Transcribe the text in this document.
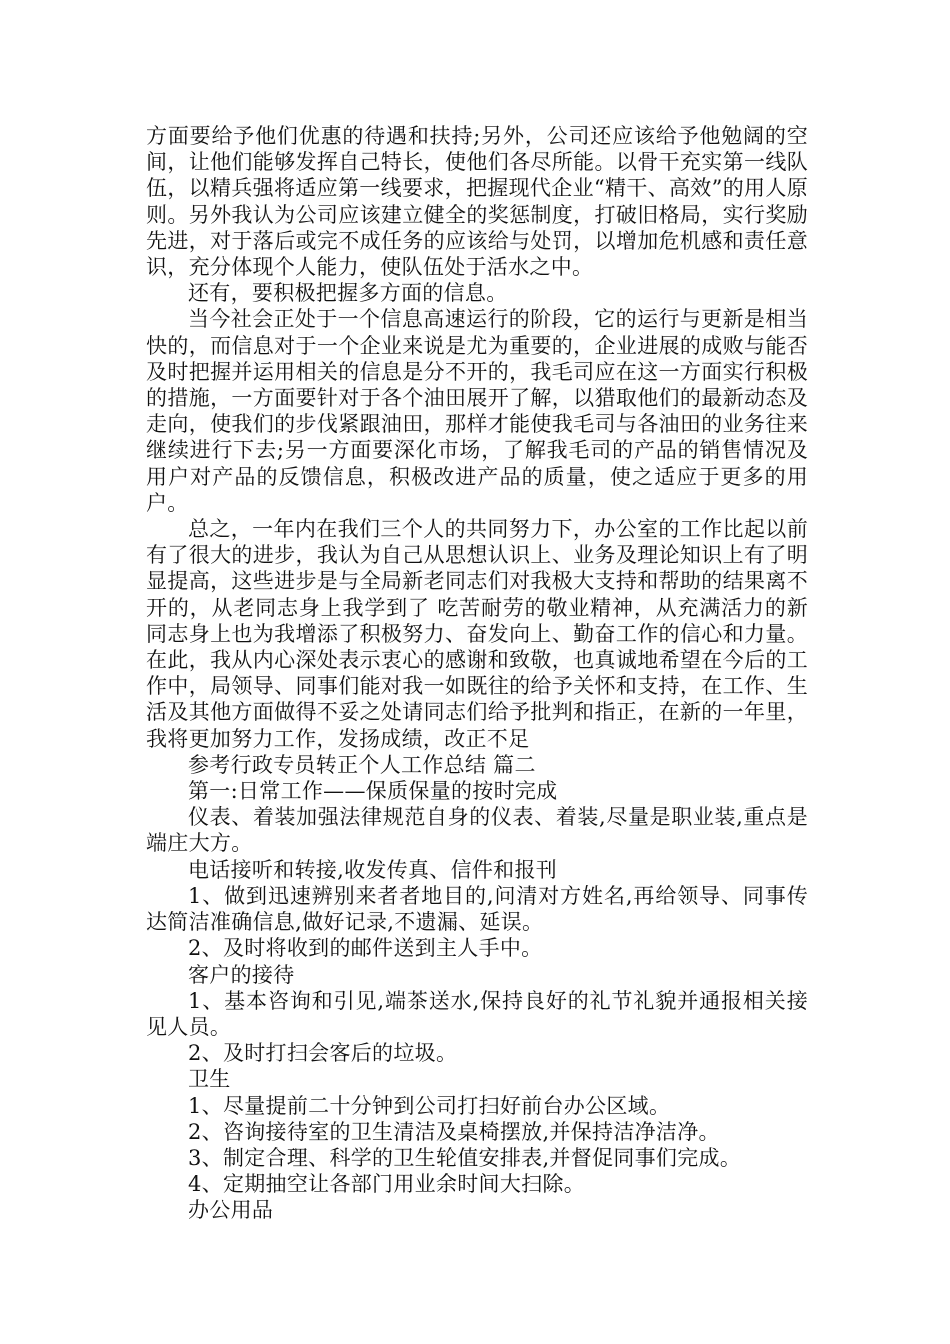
方面要给予他们优惠的待遇和扶持;另外，公司还应该给予他勉阔的空间，让他们能够发挥自己特长，使他们各尽所能。以骨干充实第一线队伍，以精兵强将适应第一线要求，把握现代企业“精干、高效”的用人原则。另外我认为公司应该建立健全的奖惩制度，打破旧格局，实行奖励先进，对于落后或完不成任务的应该给与处罚，以增加危机感和责任意识，充分体现个人能力，使队伍处于活水之中。

还有，要积极把握多方面的信息。

当今社会正处于一个信息高速运行的阶段，它的运行与更新是相当快的，而信息对于一个企业来说是尤为重要的，企业进展的成败与能否及时把握并运用相关的信息是分不开的，我毛司应在这一方面实行积极的措施，一方面要针对于各个油田展开了解，以猎取他们的最新动态及走向，使我们的步伐紧跟油田，那样才能使我毛司与各油田的业务往来继续进行下去;另一方面要深化市场，了解我毛司的产品的销售情况及用户对产品的反馈信息，积极改进产品的质量，使之适应于更多的用户。

总之，一年内在我们三个人的共同努力下，办公室的工作比起以前有了很大的进步，我认为自己从思想认识上、业务及理论知识上有了明显提高，这些进步是与全局新老同志们对我极大支持和帮助的结果离不开的，从老同志身上我学到了 吃苦耐劳的敬业精神，从充满活力的新同志身上也为我增添了积极努力、奋发向上、勤奋工作的信心和力量。在此，我从内心深处表示衷心的感谢和致敬，也真诚地希望在今后的工作中，局领导、同事们能对我一如既往的给予关怀和支持，在工作、生活及其他方面做得不妥之处请同志们给予批判和指正，在新的一年里，我将更加努力工作，发扬成绩，改正不足

参考行政专员转正个人工作总结 篇二

第一:日常工作——保质保量的按时完成

仪表、着装加强法律规范自身的仪表、着装,尽量是职业装,重点是端庄大方。

电话接听和转接,收发传真、信件和报刊

1、做到迅速辨别来者者地目的,问清对方姓名,再给领导、同事传达简洁准确信息,做好记录,不遗漏、延误。

2、及时将收到的邮件送到主人手中。

客户的接待

1、基本咨询和引见,端茶送水,保持良好的礼节礼貌并通报相关接见人员。

2、及时打扫会客后的垃圾。

卫生

1、尽量提前二十分钟到公司打扫好前台办公区域。

2、咨询接待室的卫生清洁及桌椅摆放,并保持洁净洁净。

3、制定合理、科学的卫生轮值安排表,并督促同事们完成。

4、定期抽空让各部门用业余时间大扫除。

办公用品
